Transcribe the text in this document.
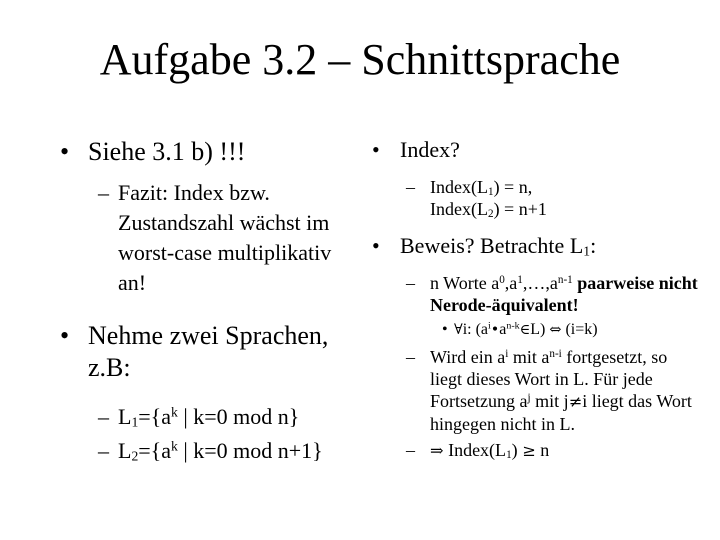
Aufgabe 3.2 – Schnittsprache
• Siehe 3.1 b) !!!
– Fazit: Index bzw. Zustandszahl wächst im worst-case multiplikativ an!
• Nehme zwei Sprachen, z.B:
– $L_1=\{a^k$ | k=0 mod n}
– $L_2=\{a^k$ | k=0 mod n+1}
• Index?
– $Index(L_1) = n$,
$Index(L_2) = n+1$
• Beweis? Betrachte $L_1$:
– n Worte $a^0,a^1,\dots,a^{n-1}$ paarweise nicht Nerode-äquivalent!
• ∀i: $(a^i•a^{n-k}\in L)$ ⇔ (i=k)
– Wird ein $a^i$ mit $a^{n-i}$ fortgesetzt, so liegt dieses Wort in L. Für jede Fortsetzung $a^j$ mit j≠i liegt das Wort hingegen nicht in L.
– ⇒ $Index(L_1) \ge n$
